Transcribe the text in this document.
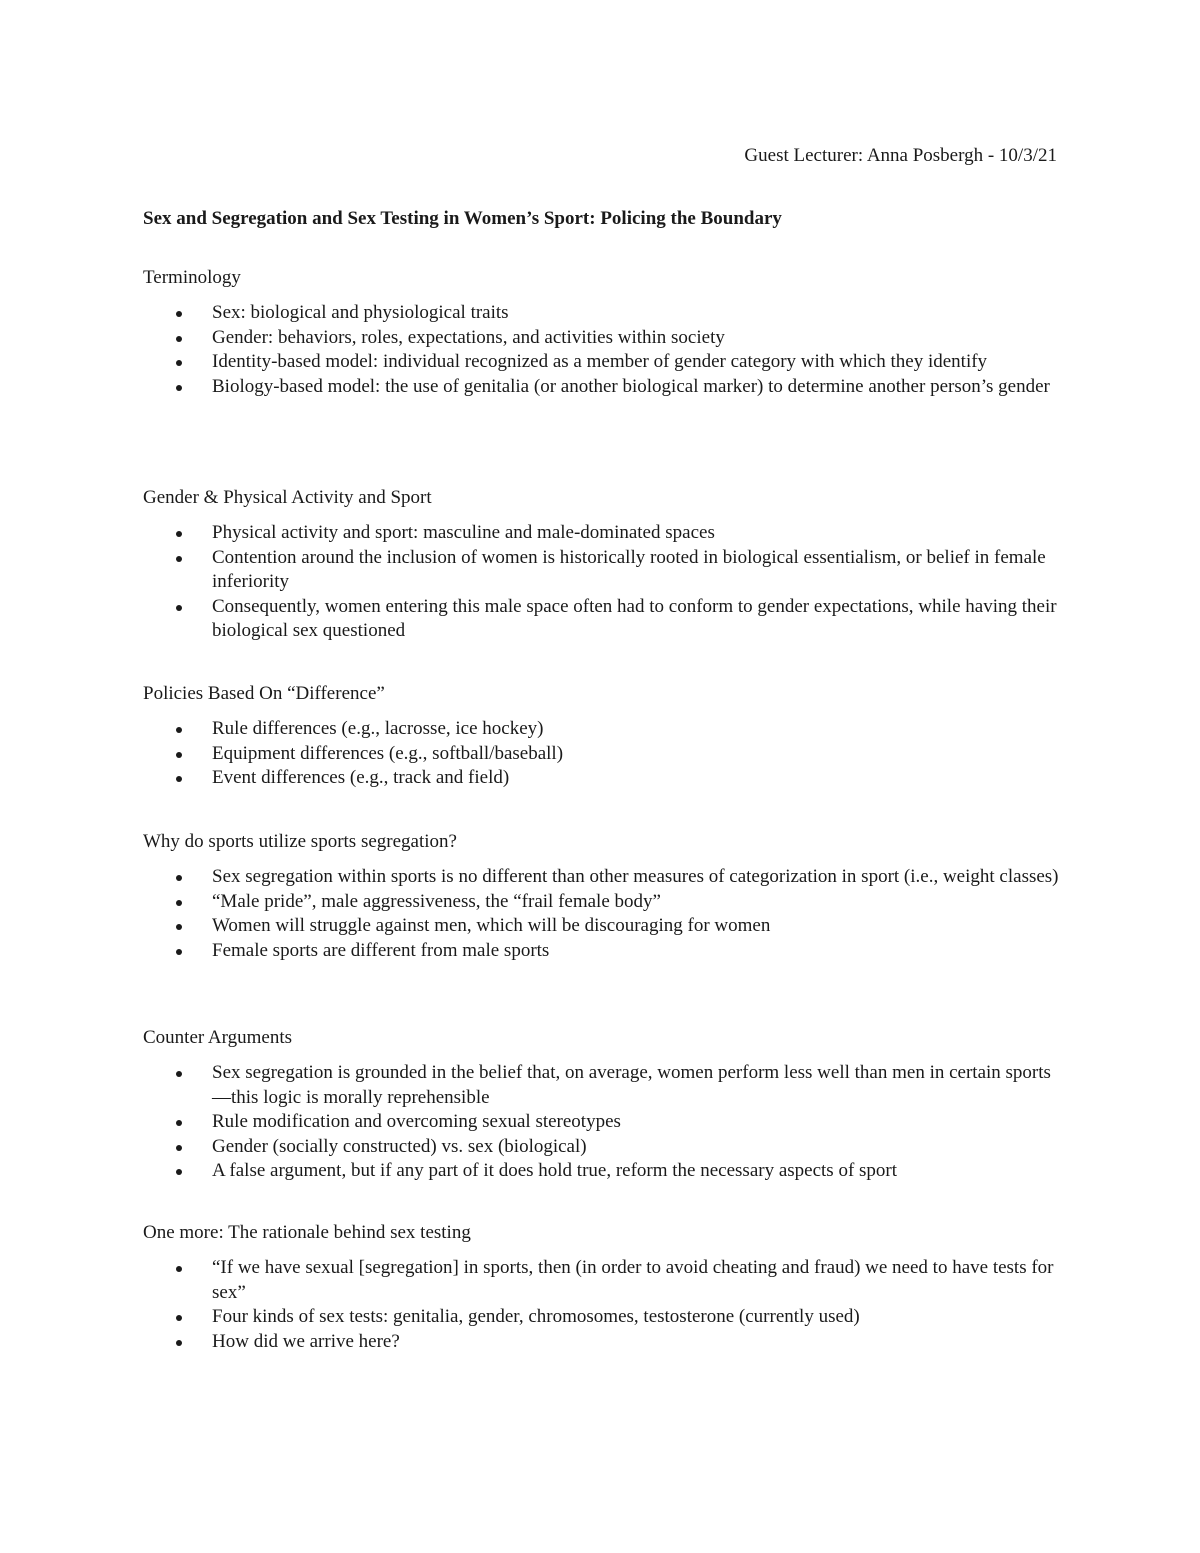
Guest Lecturer: Anna Posbergh - 10/3/21
Sex and Segregation and Sex Testing in Women’s Sport: Policing the Boundary
Terminology
Sex: biological and physiological traits
Gender: behaviors, roles, expectations, and activities within society
Identity-based model: individual recognized as a member of gender category with which they identify
Biology-based model: the use of genitalia (or another biological marker) to determine another person’s gender
Gender & Physical Activity and Sport
Physical activity and sport: masculine and male-dominated spaces
Contention around the inclusion of women is historically rooted in biological essentialism, or belief in female inferiority
Consequently, women entering this male space often had to conform to gender expectations, while having their biological sex questioned
Policies Based On “Difference”
Rule differences (e.g., lacrosse, ice hockey)
Equipment differences (e.g., softball/baseball)
Event differences (e.g., track and field)
Why do sports utilize sports segregation?
Sex segregation within sports is no different than other measures of categorization in sport (i.e., weight classes)
“Male pride”, male aggressiveness, the “frail female body”
Women will struggle against men, which will be discouraging for women
Female sports are different from male sports
Counter Arguments
Sex segregation is grounded in the belief that, on average, women perform less well than men in certain sports—this logic is morally reprehensible
Rule modification and overcoming sexual stereotypes
Gender (socially constructed) vs. sex (biological)
A false argument, but if any part of it does hold true, reform the necessary aspects of sport
One more: The rationale behind sex testing
“If we have sexual [segregation] in sports, then (in order to avoid cheating and fraud) we need to have tests for sex”
Four kinds of sex tests: genitalia, gender, chromosomes, testosterone (currently used)
How did we arrive here?
